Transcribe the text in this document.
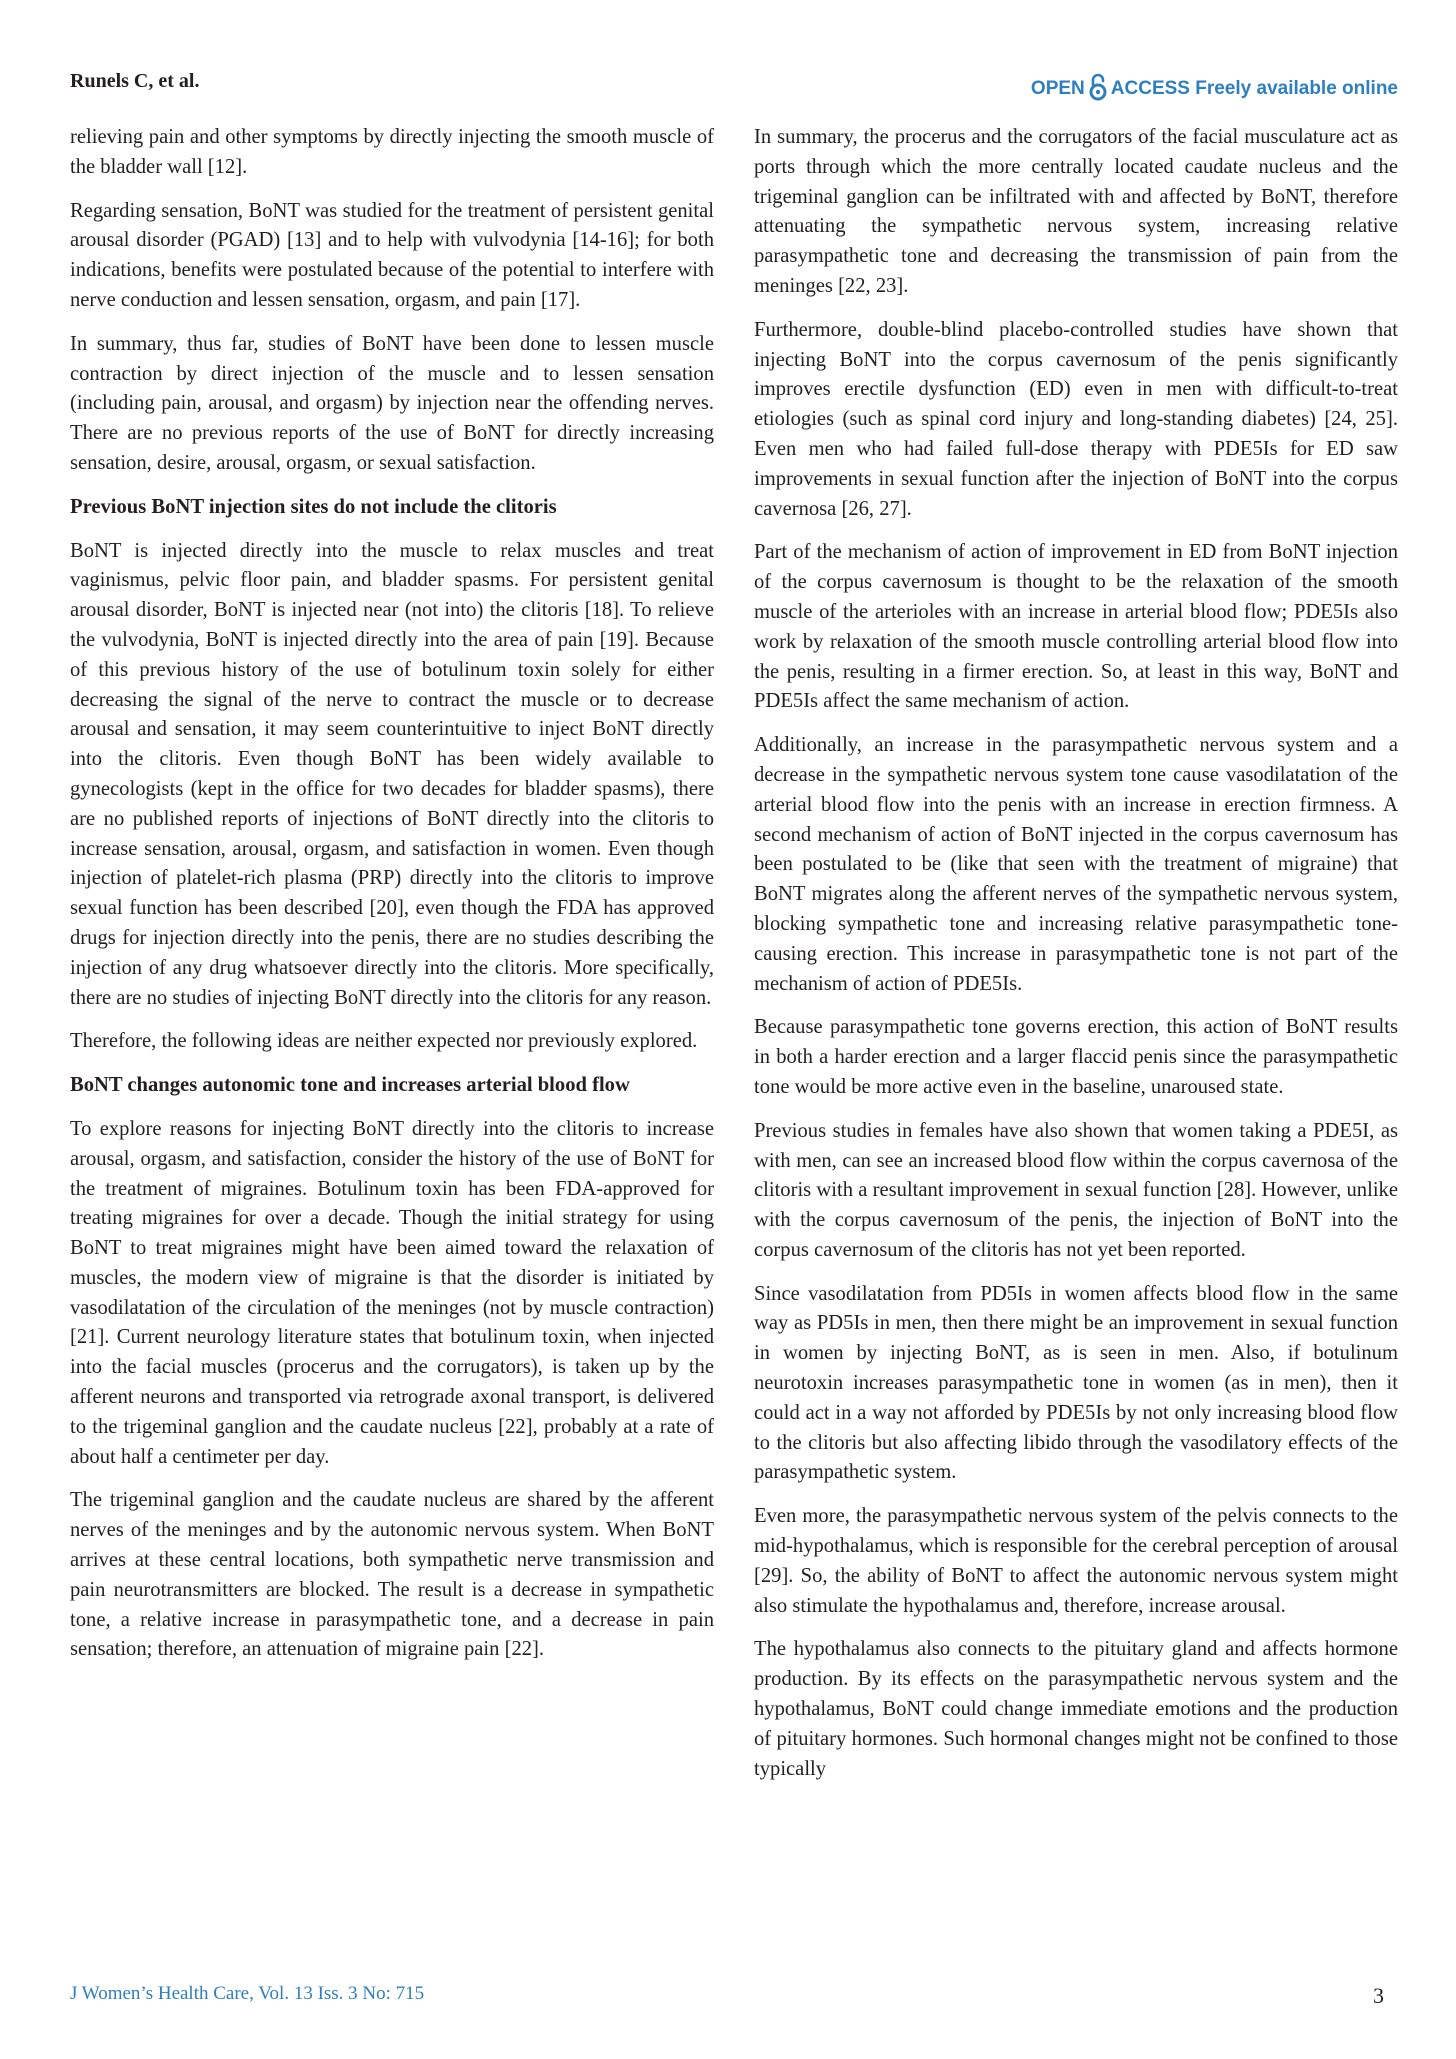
Runels C, et al.	OPEN ACCESS Freely available online

relieving pain and other symptoms by directly injecting the smooth muscle of the bladder wall [12].

Regarding sensation, BoNT was studied for the treatment of persistent genital arousal disorder (PGAD) [13] and to help with vulvodynia [14-16]; for both indications, benefits were postulated because of the potential to interfere with nerve conduction and lessen sensation, orgasm, and pain [17].

In summary, thus far, studies of BoNT have been done to lessen muscle contraction by direct injection of the muscle and to lessen sensation (including pain, arousal, and orgasm) by injection near the offending nerves. There are no previous reports of the use of BoNT for directly increasing sensation, desire, arousal, orgasm, or sexual satisfaction.

Previous BoNT injection sites do not include the clitoris

BoNT is injected directly into the muscle to relax muscles and treat vaginismus, pelvic floor pain, and bladder spasms. For persistent genital arousal disorder, BoNT is injected near (not into) the clitoris [18]. To relieve the vulvodynia, BoNT is injected directly into the area of pain [19]. Because of this previous history of the use of botulinum toxin solely for either decreasing the signal of the nerve to contract the muscle or to decrease arousal and sensation, it may seem counterintuitive to inject BoNT directly into the clitoris. Even though BoNT has been widely available to gynecologists (kept in the office for two decades for bladder spasms), there are no published reports of injections of BoNT directly into the clitoris to increase sensation, arousal, orgasm, and satisfaction in women. Even though injection of platelet-rich plasma (PRP) directly into the clitoris to improve sexual function has been described [20], even though the FDA has approved drugs for injection directly into the penis, there are no studies describing the injection of any drug whatsoever directly into the clitoris. More specifically, there are no studies of injecting BoNT directly into the clitoris for any reason.

Therefore, the following ideas are neither expected nor previously explored.

BoNT changes autonomic tone and increases arterial blood flow

To explore reasons for injecting BoNT directly into the clitoris to increase arousal, orgasm, and satisfaction, consider the history of the use of BoNT for the treatment of migraines. Botulinum toxin has been FDA-approved for treating migraines for over a decade. Though the initial strategy for using BoNT to treat migraines might have been aimed toward the relaxation of muscles, the modern view of migraine is that the disorder is initiated by vasodilatation of the circulation of the meninges (not by muscle contraction) [21]. Current neurology literature states that botulinum toxin, when injected into the facial muscles (procerus and the corrugators), is taken up by the afferent neurons and transported via retrograde axonal transport, is delivered to the trigeminal ganglion and the caudate nucleus [22], probably at a rate of about half a centimeter per day.

The trigeminal ganglion and the caudate nucleus are shared by the afferent nerves of the meninges and by the autonomic nervous system. When BoNT arrives at these central locations, both sympathetic nerve transmission and pain neurotransmitters are blocked. The result is a decrease in sympathetic tone, a relative increase in parasympathetic tone, and a decrease in pain sensation; therefore, an attenuation of migraine pain [22].

In summary, the procerus and the corrugators of the facial musculature act as ports through which the more centrally located caudate nucleus and the trigeminal ganglion can be infiltrated with and affected by BoNT, therefore attenuating the sympathetic nervous system, increasing relative parasympathetic tone and decreasing the transmission of pain from the meninges [22, 23].

Furthermore, double-blind placebo-controlled studies have shown that injecting BoNT into the corpus cavernosum of the penis significantly improves erectile dysfunction (ED) even in men with difficult-to-treat etiologies (such as spinal cord injury and long-standing diabetes) [24, 25]. Even men who had failed full-dose therapy with PDE5Is for ED saw improvements in sexual function after the injection of BoNT into the corpus cavernosa [26, 27].

Part of the mechanism of action of improvement in ED from BoNT injection of the corpus cavernosum is thought to be the relaxation of the smooth muscle of the arterioles with an increase in arterial blood flow; PDE5Is also work by relaxation of the smooth muscle controlling arterial blood flow into the penis, resulting in a firmer erection. So, at least in this way, BoNT and PDE5Is affect the same mechanism of action.

Additionally, an increase in the parasympathetic nervous system and a decrease in the sympathetic nervous system tone cause vasodilatation of the arterial blood flow into the penis with an increase in erection firmness. A second mechanism of action of BoNT injected in the corpus cavernosum has been postulated to be (like that seen with the treatment of migraine) that BoNT migrates along the afferent nerves of the sympathetic nervous system, blocking sympathetic tone and increasing relative parasympathetic tone-causing erection. This increase in parasympathetic tone is not part of the mechanism of action of PDE5Is.

Because parasympathetic tone governs erection, this action of BoNT results in both a harder erection and a larger flaccid penis since the parasympathetic tone would be more active even in the baseline, unaroused state.

Previous studies in females have also shown that women taking a PDE5I, as with men, can see an increased blood flow within the corpus cavernosa of the clitoris with a resultant improvement in sexual function [28]. However, unlike with the corpus cavernosum of the penis, the injection of BoNT into the corpus cavernosum of the clitoris has not yet been reported.

Since vasodilatation from PD5Is in women affects blood flow in the same way as PD5Is in men, then there might be an improvement in sexual function in women by injecting BoNT, as is seen in men. Also, if botulinum neurotoxin increases parasympathetic tone in women (as in men), then it could act in a way not afforded by PDE5Is by not only increasing blood flow to the clitoris but also affecting libido through the vasodilatory effects of the parasympathetic system.

Even more, the parasympathetic nervous system of the pelvis connects to the mid-hypothalamus, which is responsible for the cerebral perception of arousal [29]. So, the ability of BoNT to affect the autonomic nervous system might also stimulate the hypothalamus and, therefore, increase arousal.

The hypothalamus also connects to the pituitary gland and affects hormone production. By its effects on the parasympathetic nervous system and the hypothalamus, BoNT could change immediate emotions and the production of pituitary hormones. Such hormonal changes might not be confined to those typically

J Women’s Health Care, Vol. 13 Iss. 3 No: 715	3
